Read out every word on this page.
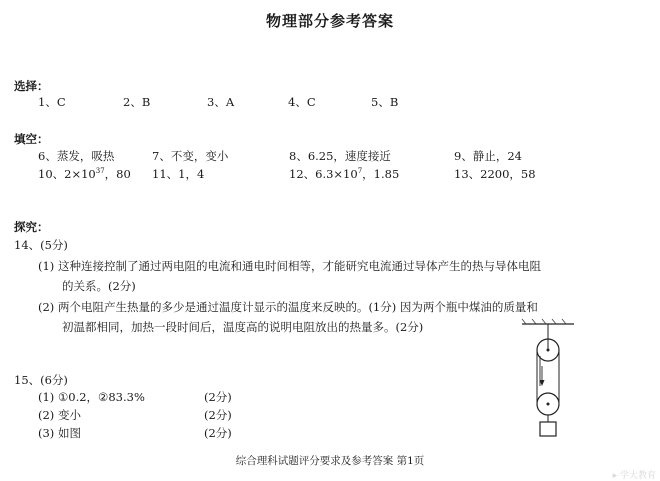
物理部分参考答案
选择：
1、C	2、B	3、A	4、C	5、B
填空：
6、蒸发，吸热	7、不变，变小	8、6.25，速度接近	9、静止，24
10、$2\times 10^{37}$，80 11、1，4	12、$6.3\times 10^7$，1.85	13、2200，58
探究：
14、(5分)
(1) 这种连接控制了通过两电阻的电流和通电时间相等，才能研究电流通过导体产生的热与导体电阻
的关系。(2分)
(2) 两个电阻产生热量的多少是通过温度计显示的温度来反映的。(1分) 因为两个瓶中煤油的质量和
初温都相同，加热一段时间后，温度高的说明电阻放出的热量多。(2分)
15、(6分)
(1) ①0.2，②83.3%	(2分)
(2) 变小	(2分)
(3) 如图	(2分)
综合理科试题评分要求及参考答案 第1页
▸ 学大教育
